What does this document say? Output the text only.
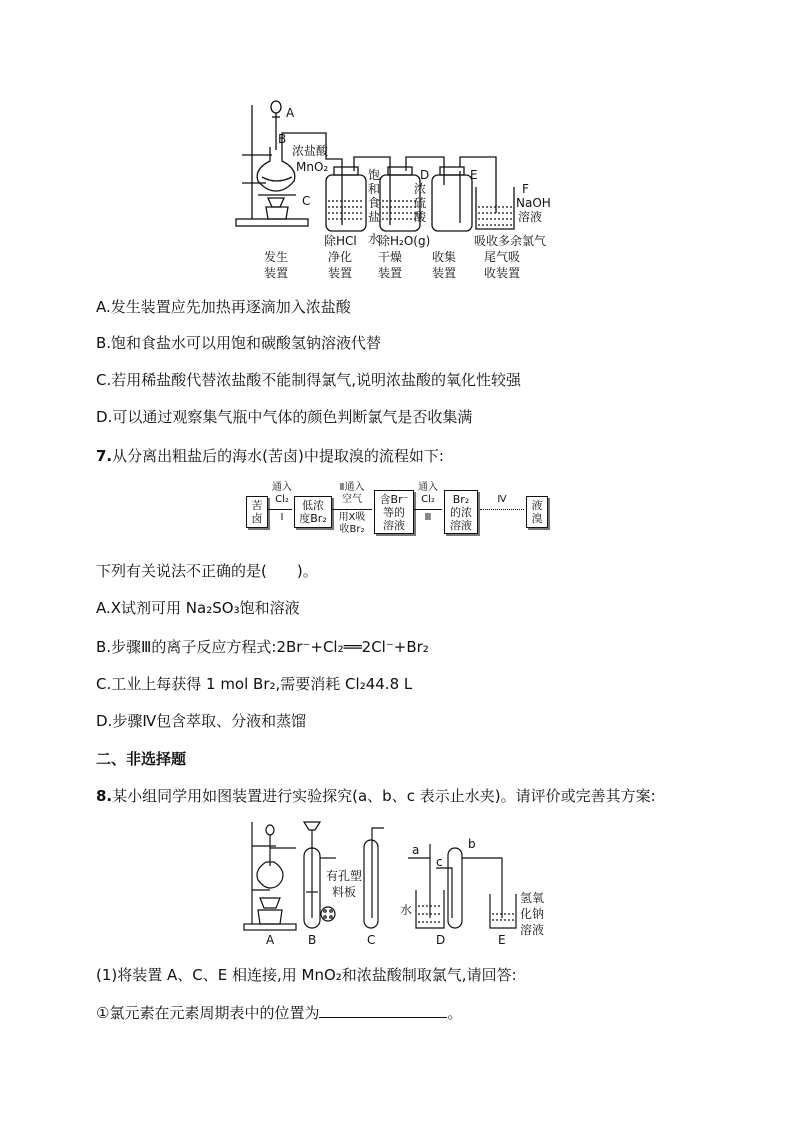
A
B
浓盐酸
MnO₂
C
饱
和
食
盐
水
D
浓
硫
酸
E
F
NaOH
溶液
除HCl 除H₂O(g)	吸收多余氯气
发生
装置
净化
装置
干燥
装置
收集
装置
尾气吸
收装置
A.发生装置应先加热再逐滴加入浓盐酸
B.饱和食盐水可以用饱和碳酸氢钠溶液代替
C.若用稀盐酸代替浓盐酸不能制得氯气,说明浓盐酸的氧化性较强
D.可以通过观察集气瓶中气体的颜色判断氯气是否收集满
7.从分离出粗盐后的海水(苦卤)中提取溴的流程如下:
苦
卤
通入
Cl₂
Ⅰ
低浓
度Br₂
Ⅱ通入
空气
用X吸
收Br₂
含Br⁻
等的
溶液
通入
Cl₂
Ⅲ
Br₂
的浓
溶液
Ⅳ	液
溴
下列有关说法不正确的是(　　)。
A.X试剂可用 Na₂SO₃饱和溶液
B.步骤Ⅲ的离子反应方程式:2Br⁻+Cl₂══2Cl⁻+Br₂
C.工业上每获得 1 mol Br₂,需要消耗 Cl₂44.8 L
D.步骤Ⅳ包含萃取、分液和蒸馏
二、非选择题
8.某小组同学用如图装置进行实验探究(a、b、c 表示止水夹)。请评价或完善其方案:
有孔塑
料板
a
c
b
水
氢氧
化钠
溶液
A	B	C	D	E
(1)将装置 A、C、E 相连接,用 MnO₂和浓盐酸制取氯气,请回答:
①氯元素在元素周期表中的位置为	。
